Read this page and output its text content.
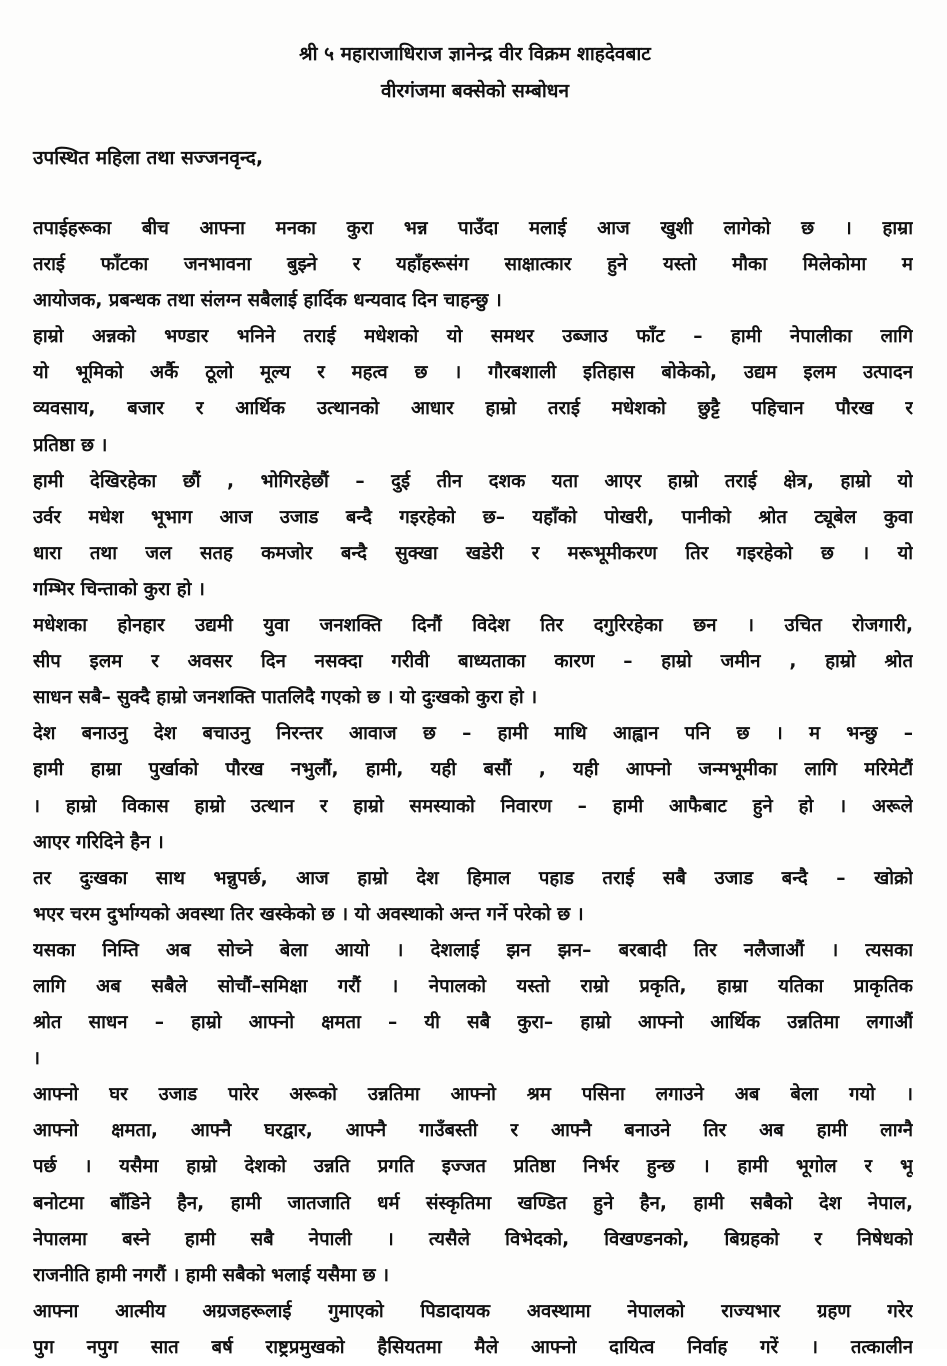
श्री ५ महाराजाधिराज ज्ञानेन्द्र वीर विक्रम शाहदेवबाट
वीरगंजमा बक्सेको सम्बोधन
उपस्थित महिला तथा सज्जनवृन्द,
तपाईहरूका बीच आफ्ना मनका कुरा भन्न पाउँदा मलाई आज खुशी लागेको छ । हाम्रा
तराई फाँटका जनभावना बुझ्ने र यहाँहरूसंग साक्षात्कार हुने यस्तो मौका मिलेकोमा म
आयोजक, प्रबन्धक तथा संलग्न सबैलाई हार्दिक धन्यवाद दिन चाहन्छु ।
हाम्रो अन्नको भण्डार भनिने तराई मधेशको यो समथर उब्जाउ फाँट – हामी नेपालीका लागि
यो भूमिको अर्कै ठूलो मूल्य र महत्व छ । गौरबशाली इतिहास बोकेको, उद्यम इलम उत्पादन
व्यवसाय, बजार र आर्थिक उत्थानको आधार हाम्रो तराई मधेशको छुट्टै पहिचान पौरख र
प्रतिष्ठा छ ।
हामी देखिरहेका छौं , भोगिरहेछौं – दुई तीन दशक यता आएर हाम्रो तराई क्षेत्र, हाम्रो यो
उर्वर मधेश भूभाग आज उजाड बन्दै गइरहेको छ– यहाँको पोखरी, पानीको श्रोत ट्यूबेल कुवा
धारा तथा जल सतह कमजोर बन्दै सुक्खा खडेरी र मरूभूमीकरण तिर गइरहेको छ । यो
गम्भिर चिन्ताको कुरा हो ।
मधेशका होनहार उद्यमी युवा जनशक्ति दिनौं विदेश तिर दगुरिरहेका छन । उचित रोजगारी,
सीप इलम र अवसर दिन नसक्दा गरीवी बाध्यताका कारण – हाम्रो जमीन , हाम्रो श्रोत
साधन सबै– सुक्दै हाम्रो जनशक्ति पातलिदै गएको छ । यो दुःखको कुरा हो ।
देश बनाउनु देश बचाउनु निरन्तर आवाज छ – हामी माथि आह्वान पनि छ । म भन्छु –
हामी हाम्रा पुर्खाको पौरख नभुलौं, हामी, यही बसौं , यही आफ्नो जन्मभूमीका लागि मरिमेटौं
। हाम्रो विकास हाम्रो उत्थान र हाम्रो समस्याको निवारण – हामी आफैबाट हुने हो । अरूले
आएर गरिदिने हैन ।
तर दुःखका साथ भन्नुपर्छ, आज हाम्रो देश हिमाल पहाड तराई सबै उजाड बन्दै – खोक्रो
भएर चरम दुर्भाग्यको अवस्था तिर खस्केको छ । यो अवस्थाको अन्त गर्ने परेको छ ।
यसका निम्ति अब सोच्ने बेला आयो । देशलाई झन झन– बरबादी तिर नलैजाऔं । त्यसका
लागि अब सबैले सोचौं–समिक्षा गरौं । नेपालको यस्तो राम्रो प्रकृति, हाम्रा यतिका प्राकृतिक
श्रोत साधन – हाम्रो आफ्नो क्षमता – यी सबै कुरा– हाम्रो आफ्नो आर्थिक उन्नतिमा लगाऔं
।
आफ्नो घर उजाड पारेर अरूको उन्नतिमा आफ्नो श्रम पसिना लगाउने अब बेला गयो ।
आफ्नो क्षमता, आफ्नै घरद्वार, आफ्नै गाउँबस्ती र आफ्नै बनाउने तिर अब हामी लाग्नै
पर्छ । यसैमा हाम्रो देशको उन्नति प्रगति इज्जत प्रतिष्ठा निर्भर हुन्छ । हामी भूगोल र भू
बनोटमा बाँडिने हैन, हामी जातजाति धर्म संस्कृतिमा खण्डित हुने हैन, हामी सबैको देश नेपाल,
नेपालमा बस्ने हामी सबै नेपाली । त्यसैले विभेदको, विखण्डनको, बिग्रहको र निषेधको
राजनीति हामी नगरौं । हामी सबैको भलाई यसैमा छ ।
आफ्ना आत्मीय अग्रजहरूलाई गुमाएको पिडादायक अवस्थामा नेपालको राज्यभार ग्रहण गरेर
पुग नपुग सात बर्ष राष्ट्रप्रमुखको हैसियतमा मैले आफ्नो दायित्व निर्वाह गरें । तत्कालीन
